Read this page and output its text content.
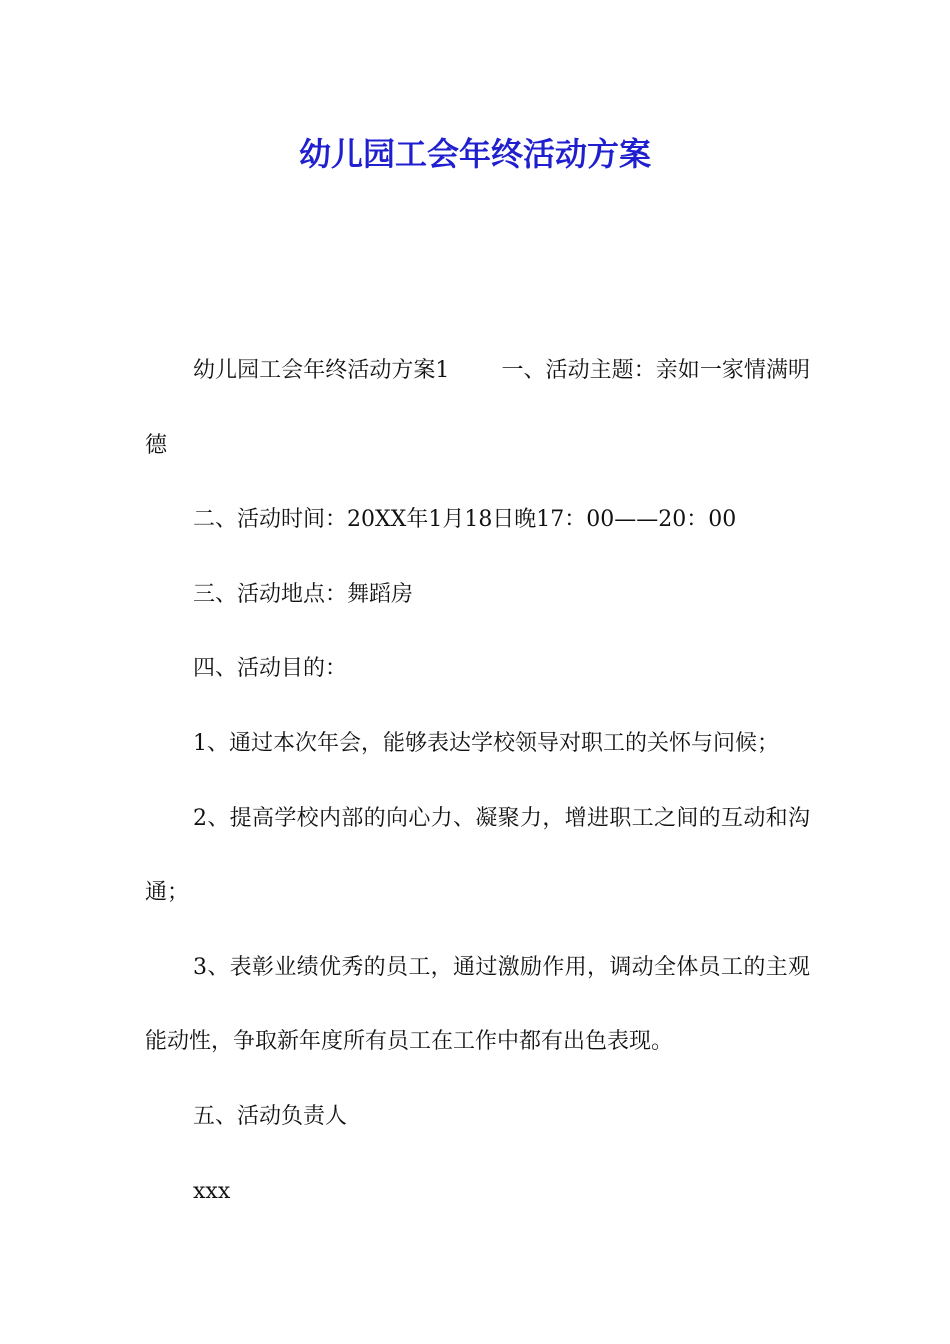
幼儿园工会年终活动方案

幼儿园工会年终活动方案1 一、活动主题：亲如一家情满明德

二、活动时间：20XX年1月18日晚17：00——20：00

三、活动地点：舞蹈房

四、活动目的：

1、通过本次年会，能够表达学校领导对职工的关怀与问候；

2、提高学校内部的向心力、凝聚力，增进职工之间的互动和沟通；

3、表彰业绩优秀的员工，通过激励作用，调动全体员工的主观能动性，争取新年度所有员工在工作中都有出色表现。

五、活动负责人

xxx
